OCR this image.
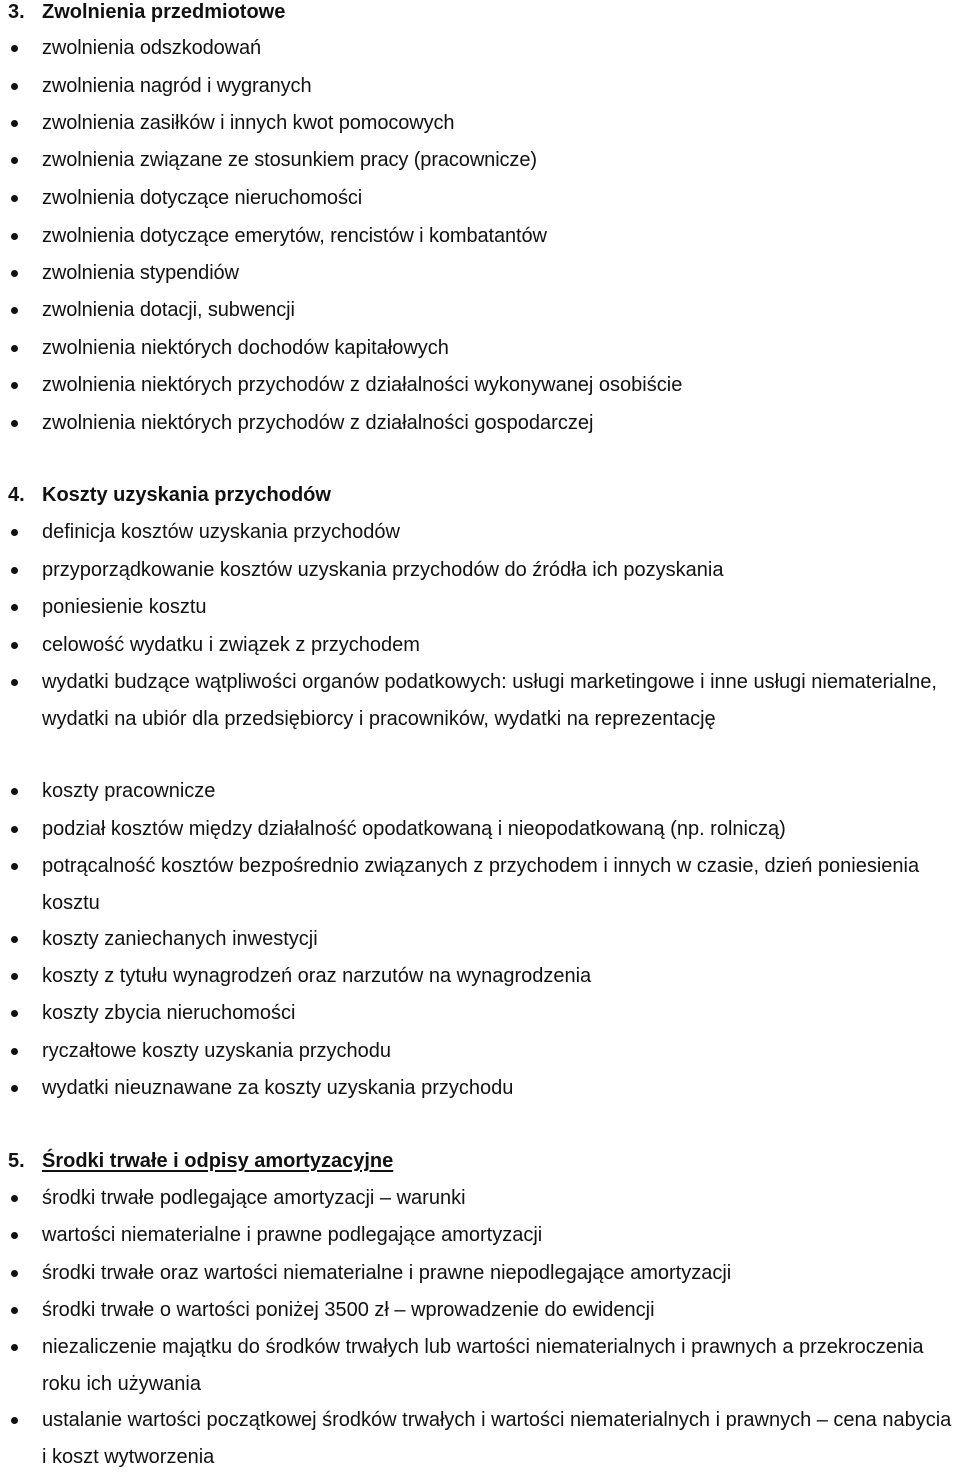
3. Zwolnienia przedmiotowe

zwolnienia odszkodowań

zwolnienia nagród i wygranych

zwolnienia zasiłków i innych kwot pomocowych

zwolnienia związane ze stosunkiem pracy (pracownicze)

zwolnienia dotyczące nieruchomości

zwolnienia dotyczące emerytów, rencistów i kombatantów

zwolnienia stypendiów

zwolnienia dotacji, subwencji

zwolnienia niektórych dochodów kapitałowych

zwolnienia niektórych przychodów z działalności wykonywanej osobiście

zwolnienia niektórych przychodów z działalności gospodarczej

4. Koszty uzyskania przychodów

definicja kosztów uzyskania przychodów

przyporządkowanie kosztów uzyskania przychodów do źródła ich pozyskania

poniesienie kosztu

celowość wydatku i związek z przychodem

wydatki budzące wątpliwości organów podatkowych: usługi marketingowe i inne usługi niematerialne, wydatki na ubiór dla przedsiębiorcy i pracowników, wydatki na reprezentację

koszty pracownicze

podział kosztów między działalność opodatkowaną i nieopodatkowaną (np. rolniczą)

potrącalność kosztów bezpośrednio związanych z przychodem i innych w czasie, dzień poniesienia kosztu

koszty zaniechanych inwestycji

koszty z tytułu wynagrodzeń oraz narzutów na wynagrodzenia

koszty zbycia nieruchomości

ryczałtowe koszty uzyskania przychodu

wydatki nieuznawane za koszty uzyskania przychodu

5. Środki trwałe i odpisy amortyzacyjne

środki trwałe podlegające amortyzacji – warunki

wartości niematerialne i prawne podlegające amortyzacji

środki trwałe oraz wartości niematerialne i prawne niepodlegające amortyzacji

środki trwałe o wartości poniżej 3500 zł – wprowadzenie do ewidencji

niezaliczenie majątku do środków trwałych lub wartości niematerialnych i prawnych a przekroczenia roku ich używania

ustalanie wartości początkowej środków trwałych i wartości niematerialnych i prawnych – cena nabycia i koszt wytworzenia
